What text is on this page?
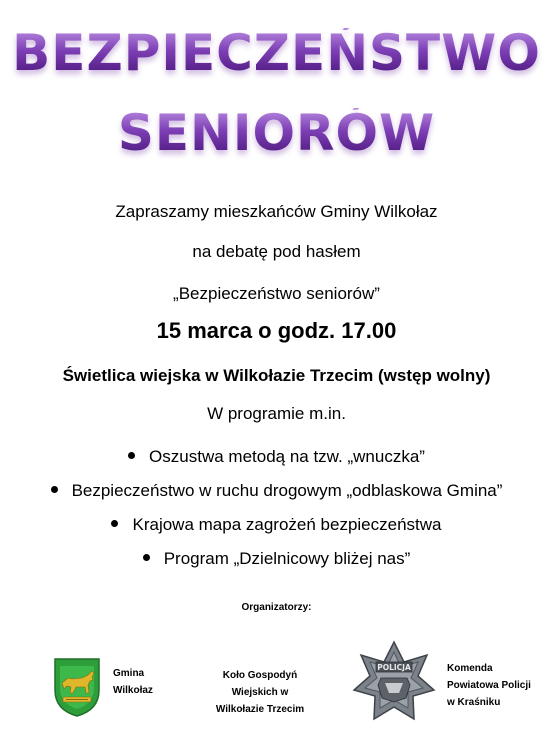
BEZPIECZEŃSTWO
SENIORÓW
Zapraszamy mieszkańców Gminy Wilkołaz
na debatę pod hasłem
„Bezpieczeństwo seniorów”
15 marca o godz. 17.00
Świetlica wiejska w Wilkołazie Trzecim (wstęp wolny)
W programie m.in.
Oszustwa metodą na tzw. „wnuczka”
Bezpieczeństwo w ruchu drogowym „odblaskowa Gmina”
Krajowa mapa zagrożeń bezpieczeństwa
Program „Dzielnicowy bliżej nas”
Organizatorzy:
Gmina
Wilkołaz
Koło Gospodyń
Wiejskich w
Wilkołazie Trzecim
POLICJA	Komenda
Powiatowa Policji
w Kraśniku
